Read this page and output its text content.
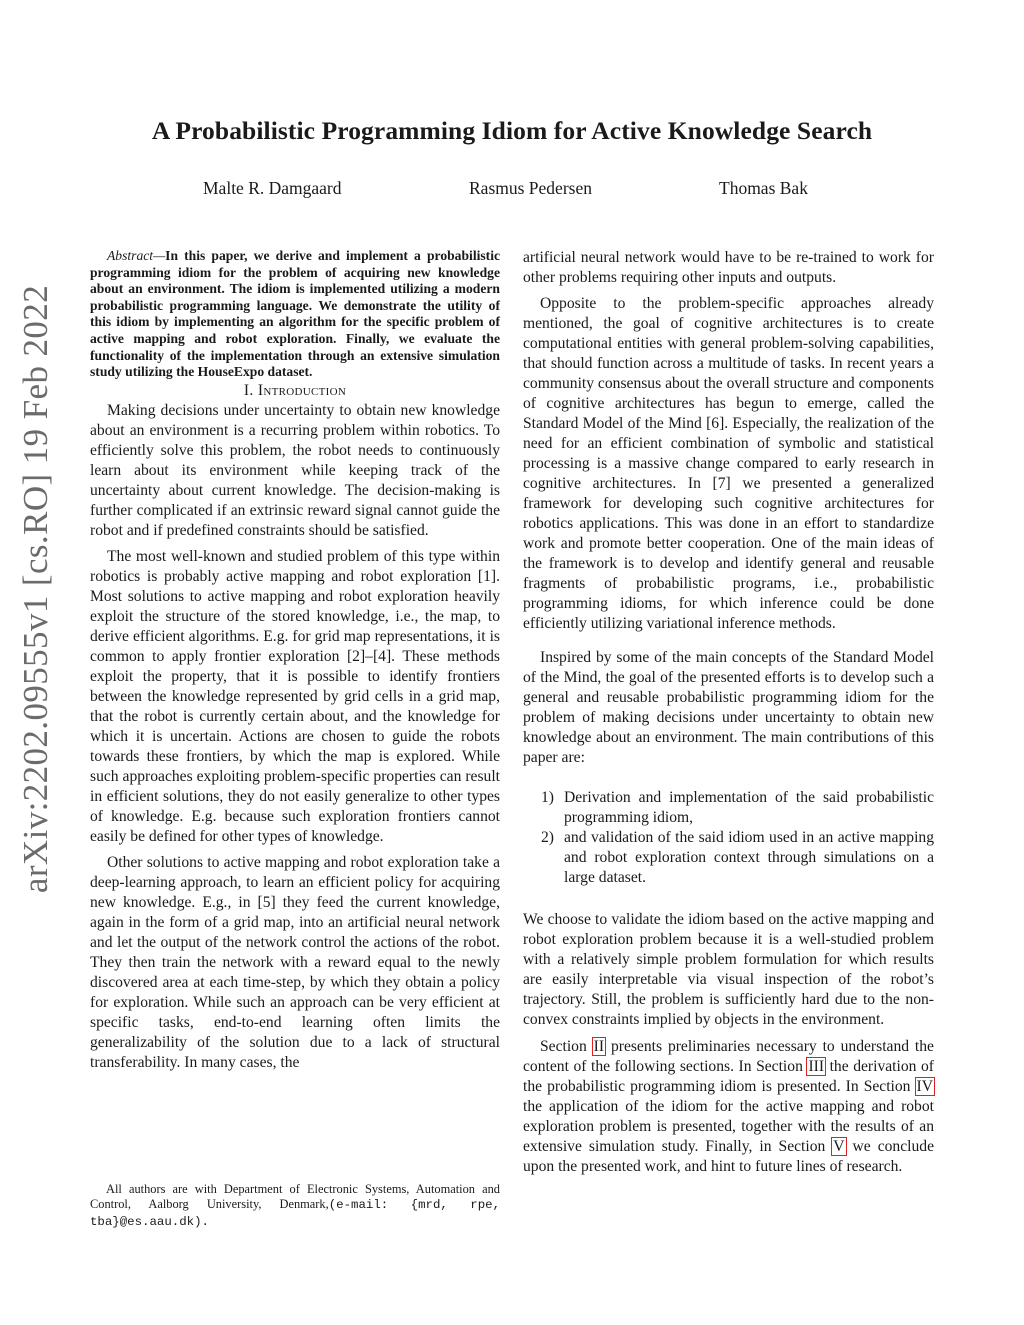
A Probabilistic Programming Idiom for Active Knowledge Search
Malte R. Damgaard	Rasmus Pedersen	Thomas Bak
arXiv:2202.09555v1 [cs.RO] 19 Feb 2022

Abstract—In this paper, we derive and implement a probabilistic programming idiom for the problem of acquiring new knowledge about an environment. The idiom is implemented utilizing a modern probabilistic programming language. We demonstrate the utility of this idiom by implementing an algorithm for the specific problem of active mapping and robot exploration. Finally, we evaluate the functionality of the implementation through an extensive simulation study utilizing the HouseExpo dataset.

I. Introduction

Making decisions under uncertainty to obtain new knowledge about an environment is a recurring problem within robotics. To efficiently solve this problem, the robot needs to continuously learn about its environment while keeping track of the uncertainty about current knowledge. The decision-making is further complicated if an extrinsic reward signal cannot guide the robot and if predefined constraints should be satisfied.

The most well-known and studied problem of this type within robotics is probably active mapping and robot exploration [1]. Most solutions to active mapping and robot exploration heavily exploit the structure of the stored knowledge, i.e., the map, to derive efficient algorithms. E.g. for grid map representations, it is common to apply frontier exploration [2]–[4]. These methods exploit the property, that it is possible to identify frontiers between the knowledge represented by grid cells in a grid map, that the robot is currently certain about, and the knowledge for which it is uncertain. Actions are chosen to guide the robots towards these frontiers, by which the map is explored. While such approaches exploiting problem-specific properties can result in efficient solutions, they do not easily generalize to other types of knowledge. E.g. because such exploration frontiers cannot easily be defined for other types of knowledge.

Other solutions to active mapping and robot exploration take a deep-learning approach, to learn an efficient policy for acquiring new knowledge. E.g., in [5] they feed the current knowledge, again in the form of a grid map, into an artificial neural network and let the output of the network control the actions of the robot. They then train the network with a reward equal to the newly discovered area at each time-step, by which they obtain a policy for exploration. While such an approach can be very efficient at specific tasks, end-to-end learning often limits the generalizability of the solution due to a lack of structural transferability. In many cases, the

All authors are with Department of Electronic Systems, Automation and Control, Aalborg University, Denmark,(e-mail: {mrd, rpe, tba}@es.aau.dk).

artificial neural network would have to be re-trained to work for other problems requiring other inputs and outputs.

Opposite to the problem-specific approaches already mentioned, the goal of cognitive architectures is to create computational entities with general problem-solving capabilities, that should function across a multitude of tasks. In recent years a community consensus about the overall structure and components of cognitive architectures has begun to emerge, called the Standard Model of the Mind [6]. Especially, the realization of the need for an efficient combination of symbolic and statistical processing is a massive change compared to early research in cognitive architectures. In [7] we presented a generalized framework for developing such cognitive architectures for robotics applications. This was done in an effort to standardize work and promote better cooperation. One of the main ideas of the framework is to develop and identify general and reusable fragments of probabilistic programs, i.e., probabilistic programming idioms, for which inference could be done efficiently utilizing variational inference methods.

Inspired by some of the main concepts of the Standard Model of the Mind, the goal of the presented efforts is to develop such a general and reusable probabilistic programming idiom for the problem of making decisions under uncertainty to obtain new knowledge about an environment. The main contributions of this paper are:

1) Derivation and implementation of the said probabilistic programming idiom,
2) and validation of the said idiom used in an active mapping and robot exploration context through simulations on a large dataset.

We choose to validate the idiom based on the active mapping and robot exploration problem because it is a well-studied problem with a relatively simple problem formulation for which results are easily interpretable via visual inspection of the robot’s trajectory. Still, the problem is sufficiently hard due to the non-convex constraints implied by objects in the environment.

Section II presents preliminaries necessary to understand the content of the following sections. In Section III the derivation of the probabilistic programming idiom is presented. In Section IV the application of the idiom for the active mapping and robot exploration problem is presented, together with the results of an extensive simulation study. Finally, in Section V we conclude upon the presented work, and hint to future lines of research.
